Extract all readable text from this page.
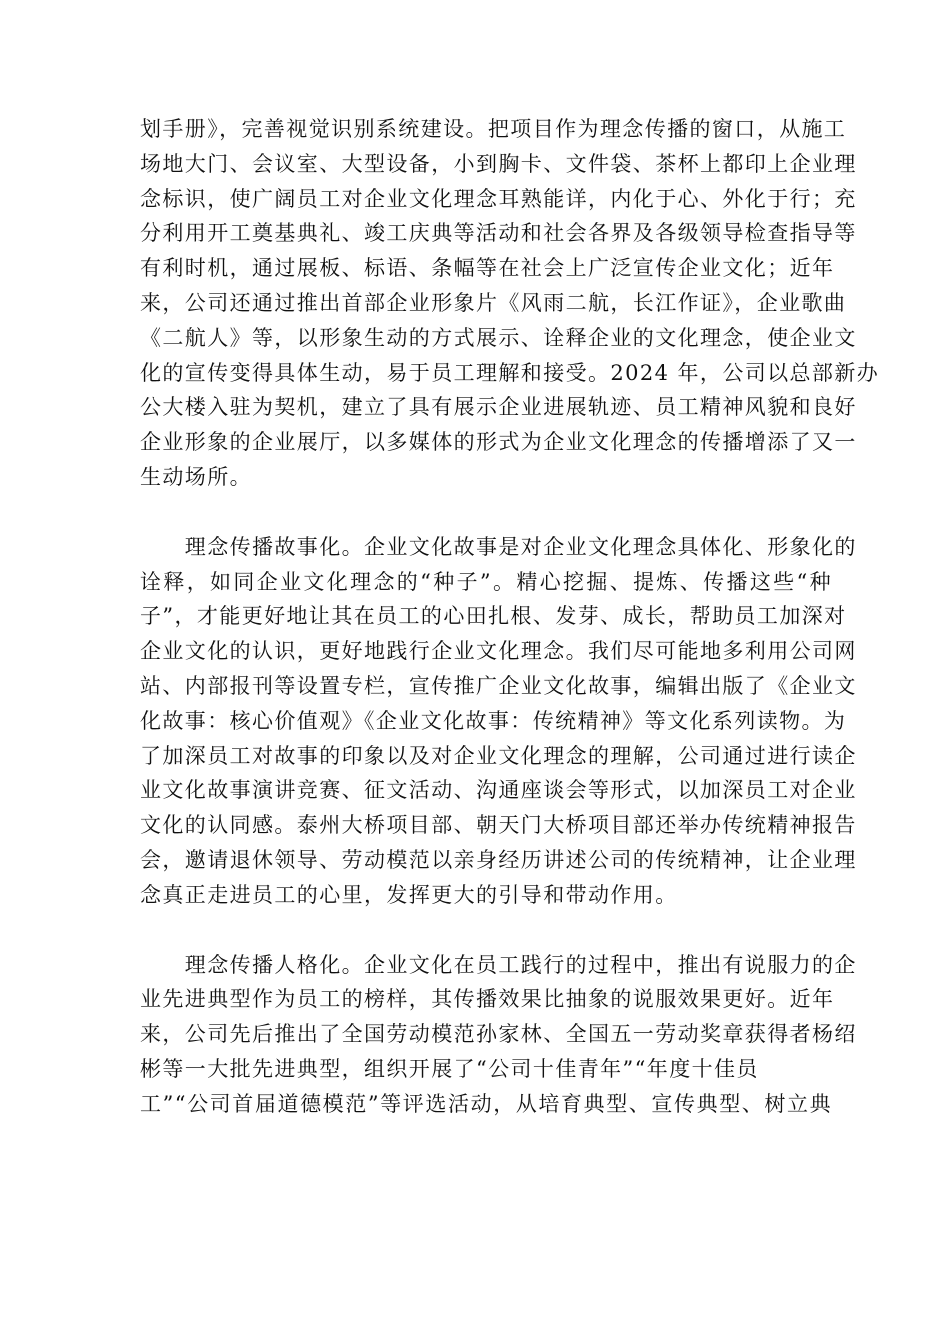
划手册》，完善视觉识别系统建设。把项目作为理念传播的窗口，从施工
场地大门、会议室、大型设备，小到胸卡、文件袋、茶杯上都印上企业理
念标识，使广阔员工对企业文化理念耳熟能详，内化于心、外化于行；充
分利用开工奠基典礼、竣工庆典等活动和社会各界及各级领导检查指导等
有利时机，通过展板、标语、条幅等在社会上广泛宣传企业文化；近年
来，公司还通过推出首部企业形象片《风雨二航，长江作证》，企业歌曲
《二航人》等，以形象生动的方式展示、诠释企业的文化理念，使企业文
化的宣传变得具体生动，易于员工理解和接受。2024 年，公司以总部新办
公大楼入驻为契机，建立了具有展示企业进展轨迹、员工精神风貌和良好
企业形象的企业展厅，以多媒体的形式为企业文化理念的传播增添了又一
生动场所。

　　理念传播故事化。企业文化故事是对企业文化理念具体化、形象化的
诠释，如同企业文化理念的“种子”。精心挖掘、提炼、传播这些“种
子”，才能更好地让其在员工的心田扎根、发芽、成长，帮助员工加深对
企业文化的认识，更好地践行企业文化理念。我们尽可能地多利用公司网
站、内部报刊等设置专栏，宣传推广企业文化故事，编辑出版了《企业文
化故事：核心价值观》《企业文化故事：传统精神》等文化系列读物。为
了加深员工对故事的印象以及对企业文化理念的理解，公司通过进行读企
业文化故事演讲竞赛、征文活动、沟通座谈会等形式，以加深员工对企业
文化的认同感。泰州大桥项目部、朝天门大桥项目部还举办传统精神报告
会，邀请退休领导、劳动模范以亲身经历讲述公司的传统精神，让企业理
念真正走进员工的心里，发挥更大的引导和带动作用。

　　理念传播人格化。企业文化在员工践行的过程中，推出有说服力的企
业先进典型作为员工的榜样，其传播效果比抽象的说服效果更好。近年
来，公司先后推出了全国劳动模范孙家林、全国五一劳动奖章获得者杨绍
彬等一大批先进典型，组织开展了“公司十佳青年”“年度十佳员
工”“公司首届道德模范”等评选活动，从培育典型、宣传典型、树立典
